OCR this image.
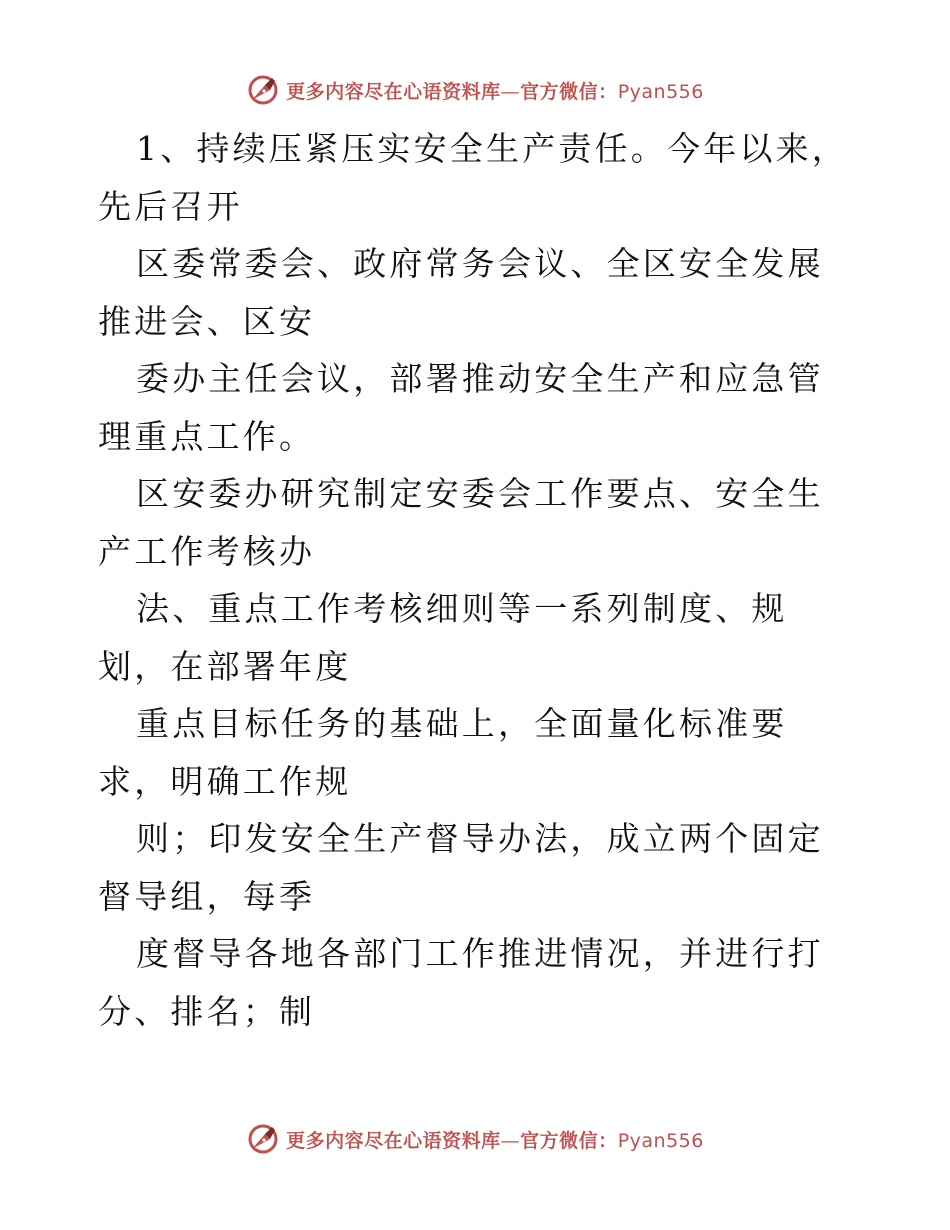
更多内容尽在心语资料库—官方微信：Pyan556
1、持续压紧压实安全生产责任。今年以来，先后召开
区委常委会、政府常务会议、全区安全发展推进会、区安
委办主任会议，部署推动安全生产和应急管理重点工作。
区安委办研究制定安委会工作要点、安全生产工作考核办
法、重点工作考核细则等一系列制度、规划，在部署年度
重点目标任务的基础上，全面量化标准要求，明确工作规
则；印发安全生产督导办法，成立两个固定督导组，每季
度督导各地各部门工作推进情况，并进行打分、排名；制
更多内容尽在心语资料库—官方微信：Pyan556
